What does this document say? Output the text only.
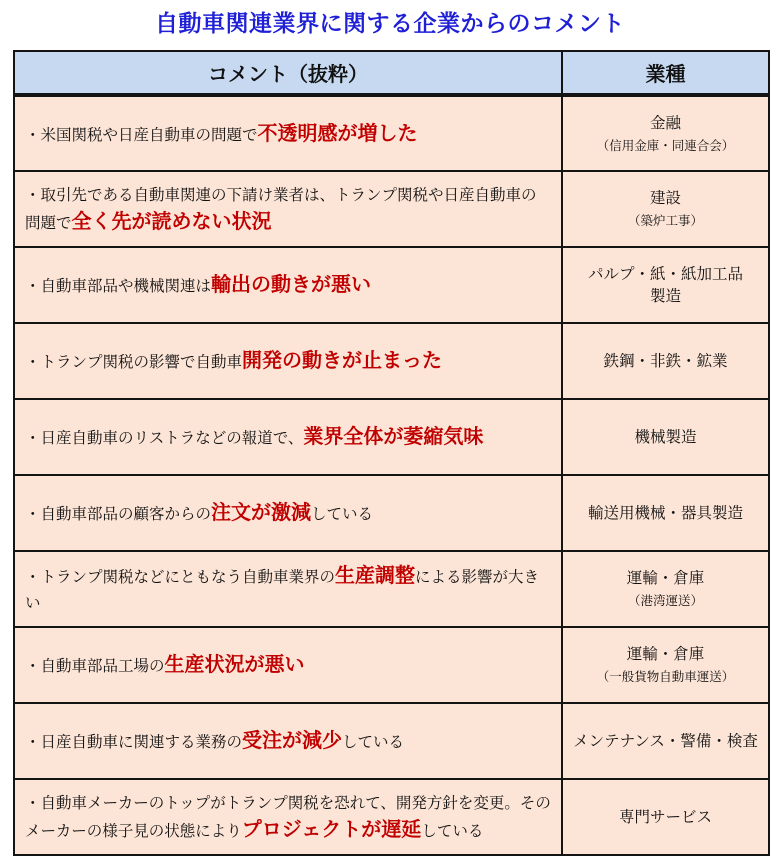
自動車関連業界に関する企業からのコメント
コメント（抜粋）	業種
・米国関税や日産自動車の問題で不透明感が増した	金融
（信用金庫・同連合会）

・取引先である自動車関連の下請け業者は、トランプ関税や日産自動車の問題で全く先が読めない状況	建設
（築炉工事）

・自動車部品や機械関連は輸出の動きが悪い	パルプ・紙・紙加工品製造

・トランプ関税の影響で自動車開発の動きが止まった	鉄鋼・非鉄・鉱業

・日産自動車のリストラなどの報道で、業界全体が萎縮気味	機械製造

・自動車部品の顧客からの注文が激減している	輸送用機械・器具製造

・トランプ関税などにともなう自動車業界の生産調整による影響が大きい	運輸・倉庫
（港湾運送）

・自動車部品工場の生産状況が悪い	運輸・倉庫
（一般貨物自動車運送）

・日産自動車に関連する業務の受注が減少している	メンテナンス・警備・検査

・自動車メーカーのトップがトランプ関税を恐れて、開発方針を変更。そのメーカーの様子見の状態によりプロジェクトが遅延している	専門サービス
